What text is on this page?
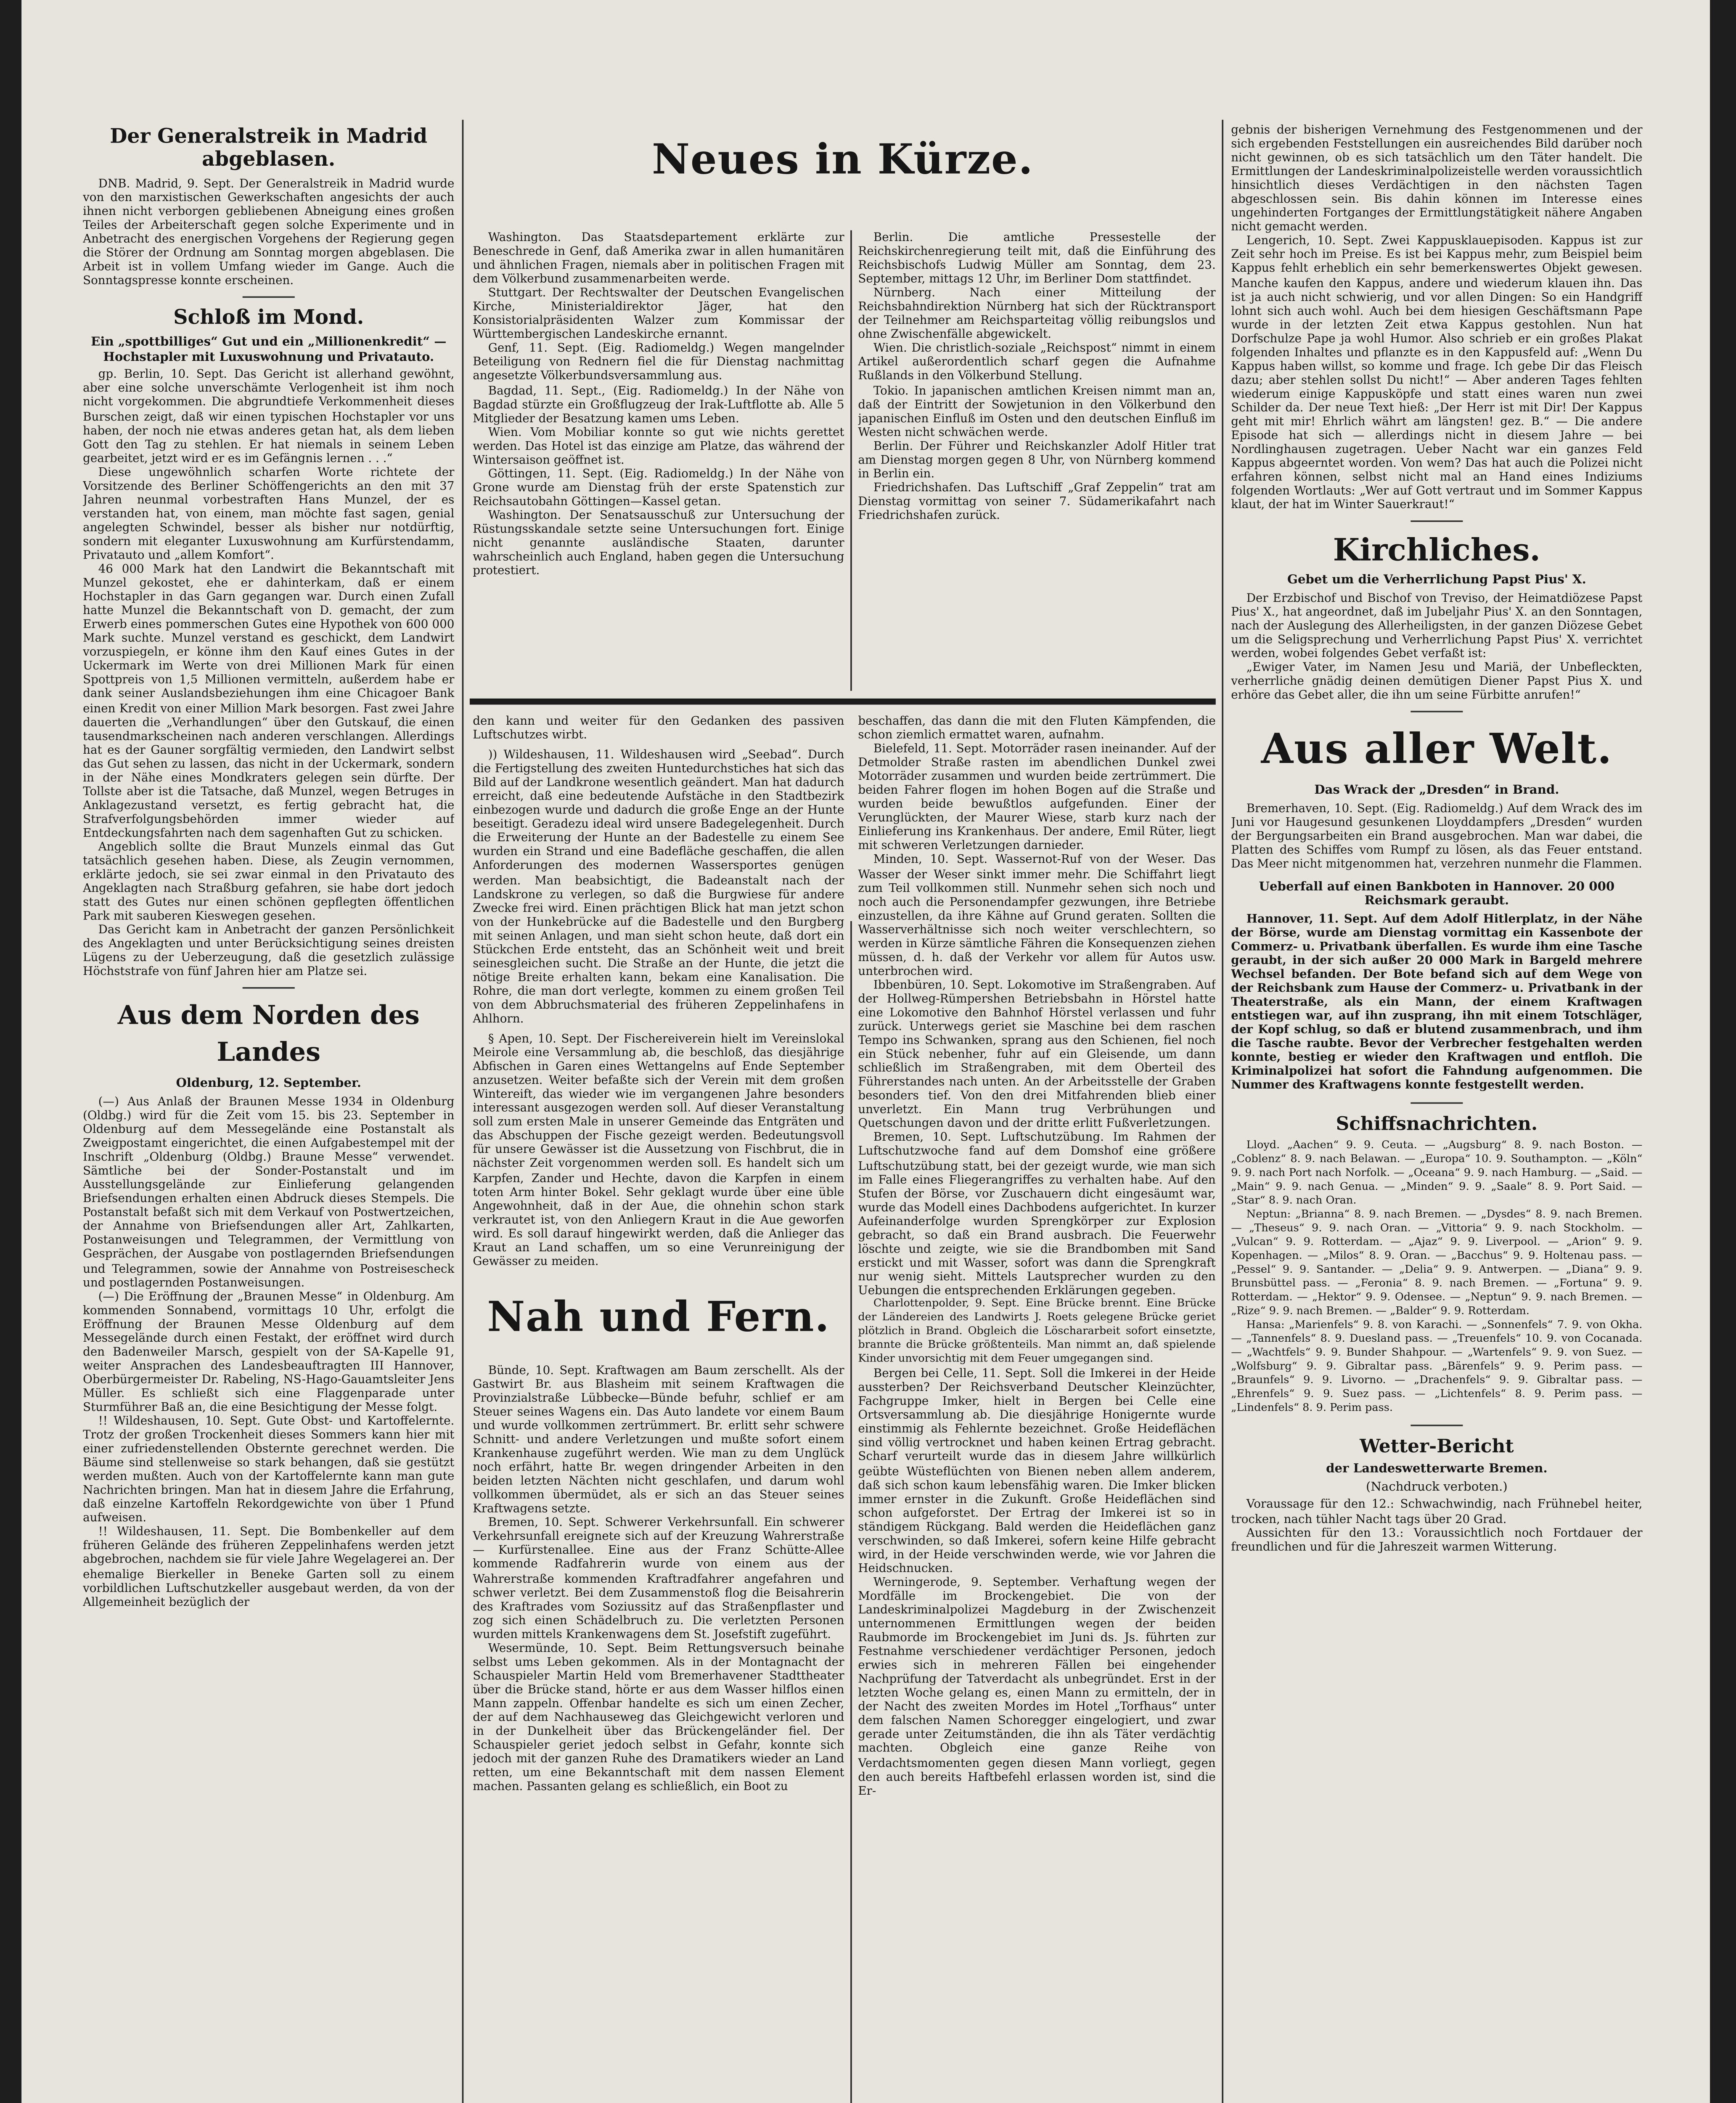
Der Generalstreik in Madrid abgeblasen.

DNB. Madrid, 9. Sept. Der Generalstreik in Madrid wurde von den marxistischen Gewerkschaften angesichts der auch ihnen nicht verborgen gebliebenen Abneigung eines großen Teiles der Arbeiterschaft gegen solche Experimente und in Anbetracht des energischen Vorgehens der Regierung gegen die Störer der Ordnung am Sonntag morgen abgeblasen. Die Arbeit ist in vollem Umfang wieder im Gange. Auch die Sonntagspresse konnte erscheinen.

Schloß im Mond.
Ein „spottbilliges“ Gut und ein „Millionenkredit“ — Hochstapler mit Luxuswohnung und Privatauto.

gp. Berlin, 10. Sept. Das Gericht ist allerhand gewöhnt, aber eine solche unverschämte Verlogenheit ist ihm noch nicht vorgekommen. Die abgrundtiefe Verkommenheit dieses Burschen zeigt, daß wir einen typischen Hochstapler vor uns haben, der noch nie etwas anderes getan hat, als dem lieben Gott den Tag zu stehlen. Er hat niemals in seinem Leben gearbeitet, jetzt wird er es im Gefängnis lernen . . .“

Diese ungewöhnlich scharfen Worte richtete der Vorsitzende des Berliner Schöffengerichts an den mit 37 Jahren neunmal vorbestraften Hans Munzel, der es verstanden hat, von einem, man möchte fast sagen, genial angelegten Schwindel, besser als bisher nur notdürftig, sondern mit eleganter Luxuswohnung am Kurfürstendamm, Privatauto und „allem Komfort“.

46 000 Mark hat den Landwirt die Bekanntschaft mit Munzel gekostet, ehe er dahinterkam, daß er einem Hochstapler in das Garn gegangen war. Durch einen Zufall hatte Munzel die Bekanntschaft von D. gemacht, der zum Erwerb eines pommerschen Gutes eine Hypothek von 600 000 Mark suchte. Munzel verstand es geschickt, dem Landwirt vorzuspiegeln, er könne ihm den Kauf eines Gutes in der Uckermark im Werte von drei Millionen Mark für einen Spottpreis von 1,5 Millionen vermitteln, außerdem habe er dank seiner Auslandsbeziehungen ihm eine Chicagoer Bank einen Kredit von einer Million Mark besorgen. Fast zwei Jahre dauerten die „Verhandlungen“ über den Gutskauf, die einen tausendmarkscheinen nach anderen verschlangen. Allerdings hat es der Gauner sorgfältig vermieden, den Landwirt selbst das Gut sehen zu lassen, das nicht in der Uckermark, sondern in der Nähe eines Mondkraters gelegen sein dürfte. Der Tollste aber ist die Tatsache, daß Munzel, wegen Betruges in Anklagezustand versetzt, es fertig gebracht hat, die Strafverfolgungsbehörden immer wieder auf Entdeckungsfahrten nach dem sagenhaften Gut zu schicken.

Angeblich sollte die Braut Munzels einmal das Gut tatsächlich gesehen haben. Diese, als Zeugin vernommen, erklärte jedoch, sie sei zwar einmal in den Privatauto des Angeklagten nach Straßburg gefahren, sie habe dort jedoch statt des Gutes nur einen schönen gepflegten öffentlichen Park mit sauberen Kieswegen gesehen.

Das Gericht kam in Anbetracht der ganzen Persönlichkeit des Angeklagten und unter Berücksichtigung seines dreisten Lügens zu der Ueberzeugung, daß die gesetzlich zulässige Höchststrafe von fünf Jahren hier am Platze sei.

Aus dem Norden des Landes
Oldenburg, 12. September.

(—) Aus Anlaß der Braunen Messe 1934 in Oldenburg (Oldbg.) wird für die Zeit vom 15. bis 23. September in Oldenburg auf dem Messegelände eine Postanstalt als Zweigpostamt eingerichtet, die einen Aufgabestempel mit der Inschrift „Oldenburg (Oldbg.) Braune Messe“ verwendet. Sämtliche bei der Sonder-Postanstalt und im Ausstellungsgelände zur Einlieferung gelangenden Briefsendungen erhalten einen Abdruck dieses Stempels. Die Postanstalt befaßt sich mit dem Verkauf von Postwertzeichen, der Annahme von Briefsendungen aller Art, Zahlkarten, Postanweisungen und Telegrammen, der Vermittlung von Gesprächen, der Ausgabe von postlagernden Briefsendungen und Telegrammen, sowie der Annahme von Postreisescheck und postlagernden Postanweisungen.

(—) Die Eröffnung der „Braunen Messe“ in Oldenburg. Am kommenden Sonnabend, vormittags 10 Uhr, erfolgt die Eröffnung der Braunen Messe Oldenburg auf dem Messegelände durch einen Festakt, der eröffnet wird durch den Badenweiler Marsch, gespielt von der SA-Kapelle 91, weiter Ansprachen des Landesbeauftragten III Hannover, Oberbürgermeister Dr. Rabeling, NS-Hago-Gauamtsleiter Jens Müller. Es schließt sich eine Flaggenparade unter Sturmführer Baß an, die eine Besichtigung der Messe folgt.

!! Wildeshausen, 10. Sept. Gute Obst- und Kartoffelernte. Trotz der großen Trockenheit dieses Sommers kann hier mit einer zufriedenstellenden Obsternte gerechnet werden. Die Bäume sind stellenweise so stark behangen, daß sie gestützt werden mußten. Auch von der Kartoffelernte kann man gute Nachrichten bringen. Man hat in diesem Jahre die Erfahrung, daß einzelne Kartoffeln Rekordgewichte von über 1 Pfund aufweisen.

!! Wildeshausen, 11. Sept. Die Bombenkeller auf dem früheren Gelände des früheren Zeppelinhafens werden jetzt abgebrochen, nachdem sie für viele Jahre Wegelagerei an. Der ehemalige Bierkeller in Beneke Garten soll zu einem vorbildlichen Luftschutzkeller ausgebaut werden, da von der Allgemeinheit bezüglich der

Neues in Kürze.

Washington. Das Staatsdepartement erklärte zur Beneschrede in Genf, daß Amerika zwar in allen humanitären und ähnlichen Fragen, niemals aber in politischen Fragen mit dem Völkerbund zusammenarbeiten werde.

Stuttgart. Der Rechtswalter der Deutschen Evangelischen Kirche, Ministerialdirektor Jäger, hat den Konsistorialpräsidenten Walzer zum Kommissar der Württembergischen Landeskirche ernannt.

Genf, 11. Sept. (Eig. Radiomeldg.) Wegen mangelnder Beteiligung von Rednern fiel die für Dienstag nachmittag angesetzte Völkerbundsversammlung aus.

Bagdad, 11. Sept., (Eig. Radiomeldg.) In der Nähe von Bagdad stürzte ein Großflugzeug der Irak-Luftflotte ab. Alle 5 Mitglieder der Besatzung kamen ums Leben.

Wien. Vom Mobiliar konnte so gut wie nichts gerettet werden. Das Hotel ist das einzige am Platze, das während der Wintersaison geöffnet ist.

Göttingen, 11. Sept. (Eig. Radiomeldg.) In der Nähe von Grone wurde am Dienstag früh der erste Spatenstich zur Reichsautobahn Göttingen—Kassel getan.

Washington. Der Senatsausschuß zur Untersuchung der Rüstungsskandale setzte seine Untersuchungen fort. Einige nicht genannte ausländische Staaten, darunter wahrscheinlich auch England, haben gegen die Untersuchung protestiert.

Berlin. Die amtliche Pressestelle der Reichskirchenregierung teilt mit, daß die Einführung des Reichsbischofs Ludwig Müller am Sonntag, dem 23. September, mittags 12 Uhr, im Berliner Dom stattfindet.

Nürnberg. Nach einer Mitteilung der Reichsbahndirektion Nürnberg hat sich der Rücktransport der Teilnehmer am Reichsparteitag völlig reibungslos und ohne Zwischenfälle abgewickelt.

Wien. Die christlich-soziale „Reichspost“ nimmt in einem Artikel außerordentlich scharf gegen die Aufnahme Rußlands in den Völkerbund Stellung.

Tokio. In japanischen amtlichen Kreisen nimmt man an, daß der Eintritt der Sowjetunion in den Völkerbund den japanischen Einfluß im Osten und den deutschen Einfluß im Westen nicht schwächen werde.

Berlin. Der Führer und Reichskanzler Adolf Hitler trat am Dienstag morgen gegen 8 Uhr, von Nürnberg kommend in Berlin ein.

Friedrichshafen. Das Luftschiff „Graf Zeppelin“ trat am Dienstag vormittag von seiner 7. Südamerikafahrt nach Friedrichshafen zurück.

den kann und weiter für den Gedanken des passiven Luftschutzes wirbt.

)) Wildeshausen, 11. Wildeshausen wird „Seebad“. Durch die Fertigstellung des zweiten Huntedurchstiches hat sich das Bild auf der Landkrone wesentlich geändert. Man hat dadurch erreicht, daß eine bedeutende Aufstäche in den Stadtbezirk einbezogen wurde und dadurch die große Enge an der Hunte beseitigt. Geradezu ideal wird unsere Badegelegenheit. Durch die Erweiterung der Hunte an der Badestelle zu einem See wurden ein Strand und eine Badefläche geschaffen, die allen Anforderungen des modernen Wassersportes genügen werden. Man beabsichtigt, die Badeanstalt nach der Landskrone zu verlegen, so daß die Burgwiese für andere Zwecke frei wird. Einen prächtigen Blick hat man jetzt schon von der Hunkebrücke auf die Badestelle und den Burgberg mit seinen Anlagen, und man sieht schon heute, daß dort ein Stückchen Erde entsteht, das an Schönheit weit und breit seinesgleichen sucht. Die Straße an der Hunte, die jetzt die nötige Breite erhalten kann, bekam eine Kanalisation. Die Rohre, die man dort verlegte, kommen zu einem großen Teil von dem Abbruchsmaterial des früheren Zeppelinhafens in Ahlhorn.

§ Apen, 10. Sept. Der Fischereiverein hielt im Vereinslokal Meirole eine Versammlung ab, die beschloß, das diesjährige Abfischen in Garen eines Wettangelns auf Ende September anzusetzen. Weiter befaßte sich der Verein mit dem großen Wintereift, das wieder wie im vergangenen Jahre besonders interessant ausgezogen werden soll. Auf dieser Veranstaltung soll zum ersten Male in unserer Gemeinde das Entgräten und das Abschuppen der Fische gezeigt werden. Bedeutungsvoll für unsere Gewässer ist die Aussetzung von Fischbrut, die in nächster Zeit vorgenommen werden soll. Es handelt sich um Karpfen, Zander und Hechte, davon die Karpfen in einem toten Arm hinter Bokel. Sehr geklagt wurde über eine üble Angewohnheit, daß in der Aue, die ohnehin schon stark verkrautet ist, von den Anliegern Kraut in die Aue geworfen wird. Es soll darauf hingewirkt werden, daß die Anlieger das Kraut an Land schaffen, um so eine Verunreinigung der Gewässer zu meiden.

Nah und Fern.

Bünde, 10. Sept. Kraftwagen am Baum zerschellt. Als der Gastwirt Br. aus Blasheim mit seinem Kraftwagen die Provinzialstraße Lübbecke—Bünde befuhr, schlief er am Steuer seines Wagens ein. Das Auto landete vor einem Baum und wurde vollkommen zertrümmert. Br. erlitt sehr schwere Schnitt- und andere Verletzungen und mußte sofort einem Krankenhause zugeführt werden. Wie man zu dem Unglück noch erfährt, hatte Br. wegen dringender Arbeiten in den beiden letzten Nächten nicht geschlafen, und darum wohl vollkommen übermüdet, als er sich an das Steuer seines Kraftwagens setzte.

Bremen, 10. Sept. Schwerer Verkehrsunfall. Ein schwerer Verkehrsunfall ereignete sich auf der Kreuzung Wahrerstraße — Kurfürstenallee. Eine aus der Franz Schütte-Allee kommende Radfahrerin wurde von einem aus der Wahrerstraße kommenden Kraftradfahrer angefahren und schwer verletzt. Bei dem Zusammenstoß flog die Beisahrerin des Kraftrades vom Soziussitz auf das Straßenpflaster und zog sich einen Schädelbruch zu. Die verletzten Personen wurden mittels Krankenwagens dem St. Josefstift zugeführt.

Wesermünde, 10. Sept. Beim Rettungsversuch beinahe selbst ums Leben gekommen. Als in der Montagnacht der Schauspieler Martin Held vom Bremerhavener Stadttheater über die Brücke stand, hörte er aus dem Wasser hilflos einen Mann zappeln. Offenbar handelte es sich um einen Zecher, der auf dem Nachhauseweg das Gleichgewicht verloren und in der Dunkelheit über das Brückengeländer fiel. Der Schauspieler geriet jedoch selbst in Gefahr, konnte sich jedoch mit der ganzen Ruhe des Dramatikers wieder an Land retten, um eine Bekanntschaft mit dem nassen Element machen. Passanten gelang es schließlich, ein Boot zu

beschaffen, das dann die mit den Fluten Kämpfenden, die schon ziemlich ermattet waren, aufnahm.

Bielefeld, 11. Sept. Motorräder rasen ineinander. Auf der Detmolder Straße rasten im abendlichen Dunkel zwei Motorräder zusammen und wurden beide zertrümmert. Die beiden Fahrer flogen im hohen Bogen auf die Straße und wurden beide bewußtlos aufgefunden. Einer der Verunglückten, der Maurer Wiese, starb kurz nach der Einlieferung ins Krankenhaus. Der andere, Emil Rüter, liegt mit schweren Verletzungen darnieder.

Minden, 10. Sept. Wassernot-Ruf von der Weser. Das Wasser der Weser sinkt immer mehr. Die Schiffahrt liegt zum Teil vollkommen still. Nunmehr sehen sich noch und noch auch die Personendampfer gezwungen, ihre Betriebe einzustellen, da ihre Kähne auf Grund geraten. Sollten die Wasserverhältnisse sich noch weiter verschlechtern, so werden in Kürze sämtliche Fähren die Konsequenzen ziehen müssen, d. h. daß der Verkehr vor allem für Autos usw. unterbrochen wird.

Ibbenbüren, 10. Sept. Lokomotive im Straßengraben. Auf der Hollweg-Rümpershen Betriebsbahn in Hörstel hatte eine Lokomotive den Bahnhof Hörstel verlassen und fuhr zurück. Unterwegs geriet sie Maschine bei dem raschen Tempo ins Schwanken, sprang aus den Schienen, fiel noch ein Stück nebenher, fuhr auf ein Gleisende, um dann schließlich im Straßengraben, mit dem Oberteil des Führerstandes nach unten. An der Arbeitsstelle der Graben besonders tief. Von den drei Mitfahrenden blieb einer unverletzt. Ein Mann trug Verbrühungen und Quetschungen davon und der dritte erlitt Fußverletzungen.

Bremen, 10. Sept. Luftschutzübung. Im Rahmen der Luftschutzwoche fand auf dem Domshof eine größere Luftschutzübung statt, bei der gezeigt wurde, wie man sich im Falle eines Fliegerangriffes zu verhalten habe. Auf den Stufen der Börse, vor Zuschauern dicht eingesäumt war, wurde das Modell eines Dachbodens aufgerichtet. In kurzer Aufeinanderfolge wurden Sprengkörper zur Explosion gebracht, so daß ein Brand ausbrach. Die Feuerwehr löschte und zeigte, wie sie die Brandbomben mit Sand erstickt und mit Wasser, sofort was dann die Sprengkraft nur wenig sieht. Mittels Lautsprecher wurden zu den Uebungen die entsprechenden Erklärungen gegeben.

Charlottenpolder, 9. Sept. Eine Brücke brennt. Eine Brücke der Ländereien des Landwirts J. Roets gelegene Brücke geriet plötzlich in Brand. Obgleich die Löschararbeit sofort einsetzte, brannte die Brücke größtenteils. Man nimmt an, daß spielende Kinder unvorsichtig mit dem Feuer umgegangen sind.

Bergen bei Celle, 11. Sept. Soll die Imkerei in der Heide aussterben? Der Reichsverband Deutscher Kleinzüchter, Fachgruppe Imker, hielt in Bergen bei Celle eine Ortsversammlung ab. Die diesjährige Honigernte wurde einstimmig als Fehlernte bezeichnet. Große Heideflächen sind völlig vertrocknet und haben keinen Ertrag gebracht. Scharf verurteilt wurde das in diesem Jahre willkürlich geübte Wüsteflüchten von Bienen neben allem anderem, daß sich schon kaum lebensfähig waren. Die Imker blicken immer ernster in die Zukunft. Große Heideflächen sind schon aufgeforstet. Der Ertrag der Imkerei ist so in ständigem Rückgang. Bald werden die Heideflächen ganz verschwinden, so daß Imkerei, sofern keine Hilfe gebracht wird, in der Heide verschwinden werde, wie vor Jahren die Heidschnucken.

Werningerode, 9. September. Verhaftung wegen der Mordfälle im Brockengebiet. Die von der Landeskriminalpolizei Magdeburg in der Zwischenzeit unternommenen Ermittlungen wegen der beiden Raubmorde im Brockengebiet im Juni ds. Js. führten zur Festnahme verschiedener verdächtiger Personen, jedoch erwies sich in mehreren Fällen bei eingehender Nachprüfung der Tatverdacht als unbegründet. Erst in der letzten Woche gelang es, einen Mann zu ermitteln, der in der Nacht des zweiten Mordes im Hotel „Torfhaus“ unter dem falschen Namen Schoregger eingelogiert, und zwar gerade unter Zeitumständen, die ihn als Täter verdächtig machten. Obgleich eine ganze Reihe von Verdachtsmomenten gegen diesen Mann vorliegt, gegen den auch bereits Haftbefehl erlassen worden ist, sind die Er-

gebnis der bisherigen Vernehmung des Festgenommenen und der sich ergebenden Feststellungen ein ausreichendes Bild darüber noch nicht gewinnen, ob es sich tatsächlich um den Täter handelt. Die Ermittlungen der Landeskriminalpolizeistelle werden voraussichtlich hinsichtlich dieses Verdächtigen in den nächsten Tagen abgeschlossen sein. Bis dahin können im Interesse eines ungehinderten Fortganges der Ermittlungstätigkeit nähere Angaben nicht gemacht werden.

Lengerich, 10. Sept. Zwei Kappusklauepisoden. Kappus ist zur Zeit sehr hoch im Preise. Es ist bei Kappus mehr, zum Beispiel beim Kappus fehlt erheblich ein sehr bemerkenswertes Objekt gewesen. Manche kaufen den Kappus, andere und wiederum klauen ihn. Das ist ja auch nicht schwierig, und vor allen Dingen: So ein Handgriff lohnt sich auch wohl. Auch bei dem hiesigen Geschäftsmann Pape wurde in der letzten Zeit etwa Kappus gestohlen. Nun hat Dorfschulze Pape ja wohl Humor. Also schrieb er ein großes Plakat folgenden Inhaltes und pflanzte es in den Kappusfeld auf: „Wenn Du Kappus haben willst, so komme und frage. Ich gebe Dir das Fleisch dazu; aber stehlen sollst Du nicht!“ — Aber anderen Tages fehlten wiederum einige Kappusköpfe und statt eines waren nun zwei Schilder da. Der neue Text hieß: „Der Herr ist mit Dir! Der Kappus geht mit mir! Ehrlich währt am längsten! gez. B.“ — Die andere Episode hat sich — allerdings nicht in diesem Jahre — bei Nordlinghausen zugetragen. Ueber Nacht war ein ganzes Feld Kappus abgeerntet worden. Von wem? Das hat auch die Polizei nicht erfahren können, selbst nicht mal an Hand eines Indiziums folgenden Wortlauts: „Wer auf Gott vertraut und im Sommer Kappus klaut, der hat im Winter Sauerkraut!“

Kirchliches.
Gebet um die Verherrlichung Papst Pius' X.

Der Erzbischof und Bischof von Treviso, der Heimatdiözese Papst Pius' X., hat angeordnet, daß im Jubeljahr Pius' X. an den Sonntagen, nach der Auslegung des Allerheiligsten, in der ganzen Diözese Gebet um die Seligsprechung und Verherrlichung Papst Pius' X. verrichtet werden, wobei folgendes Gebet verfaßt ist:

„Ewiger Vater, im Namen Jesu und Mariä, der Unbefleckten, verherrliche gnädig deinen demütigen Diener Papst Pius X. und erhöre das Gebet aller, die ihn um seine Fürbitte anrufen!“

Aus aller Welt.
Das Wrack der „Dresden“ in Brand.

Bremerhaven, 10. Sept. (Eig. Radiomeldg.) Auf dem Wrack des im Juni vor Haugesund gesunkenen Lloyddampfers „Dresden“ wurden der Bergungsarbeiten ein Brand ausgebrochen. Man war dabei, die Platten des Schiffes vom Rumpf zu lösen, als das Feuer entstand. Das Meer nicht mitgenommen hat, verzehren nunmehr die Flammen.

Ueberfall auf einen Bankboten in Hannover. 20 000 Reichsmark geraubt.

Hannover, 11. Sept. Auf dem Adolf Hitlerplatz, in der Nähe der Börse, wurde am Dienstag vormittag ein Kassenbote der Commerz- u. Privatbank überfallen. Es wurde ihm eine Tasche geraubt, in der sich außer 20 000 Mark in Bargeld mehrere Wechsel befanden. Der Bote befand sich auf dem Wege von der Reichsbank zum Hause der Commerz- u. Privatbank in der Theaterstraße, als ein Mann, der einem Kraftwagen entstiegen war, auf ihn zusprang, ihn mit einem Totschläger, der Kopf schlug, so daß er blutend zusammenbrach, und ihm die Tasche raubte. Bevor der Verbrecher festgehalten werden konnte, bestieg er wieder den Kraftwagen und entfloh. Die Kriminalpolizei hat sofort die Fahndung aufgenommen. Die Nummer des Kraftwagens konnte festgestellt werden.

Schiffsnachrichten.

Lloyd. „Aachen“ 9. 9. Ceuta. — „Augsburg“ 8. 9. nach Boston. — „Coblenz“ 8. 9. nach Belawan. — „Europa“ 10. 9. Southampton. — „Köln“ 9. 9. nach Port nach Norfolk. — „Oceana“ 9. 9. nach Hamburg. — „Said. — „Main“ 9. 9. nach Genua. — „Minden“ 9. 9. „Saale“ 8. 9. Port Said. — „Star“ 8. 9. nach Oran.

Neptun: „Brianna“ 8. 9. nach Bremen. — „Dysdes“ 8. 9. nach Bremen. — „Theseus“ 9. 9. nach Oran. — „Vittoria“ 9. 9. nach Stockholm. — „Vulcan“ 9. 9. Rotterdam. — „Ajaz“ 9. 9. Liverpool. — „Arion“ 9. 9. Kopenhagen. — „Milos“ 8. 9. Oran. — „Bacchus“ 9. 9. Holtenau pass. — „Pessel“ 9. 9. Santander. — „Delia“ 9. 9. Antwerpen. — „Diana“ 9. 9. Brunsbüttel pass. — „Feronia“ 8. 9. nach Bremen. — „Fortuna“ 9. 9. Rotterdam. — „Hektor“ 9. 9. Odensee. — „Neptun“ 9. 9. nach Bremen. — „Rize“ 9. 9. nach Bremen. — „Balder“ 9. 9. Rotterdam.

Hansa: „Marienfels“ 9. 8. von Karachi. — „Sonnenfels“ 7. 9. von Okha. — „Tannenfels“ 8. 9. Duesland pass. — „Treuenfels“ 10. 9. von Cocanada. — „Wachtfels“ 9. 9. Bunder Shahpour. — „Wartenfels“ 9. 9. von Suez. — „Wolfsburg“ 9. 9. Gibraltar pass. „Bärenfels“ 9. 9. Perim pass. — „Braunfels“ 9. 9. Livorno. — „Drachenfels“ 9. 9. Gibraltar pass. — „Ehrenfels“ 9. 9. Suez pass. — „Lichtenfels“ 8. 9. Perim pass. — „Lindenfels“ 8. 9. Perim pass.

Wetter-Bericht
der Landeswetterwarte Bremen.
(Nachdruck verboten.)

Voraussage für den 12.: Schwachwindig, nach Frühnebel heiter, trocken, nach tühler Nacht tags über 20 Grad.

Aussichten für den 13.: Voraussichtlich noch Fortdauer der freundlichen und für die Jahreszeit warmen Witterung.
